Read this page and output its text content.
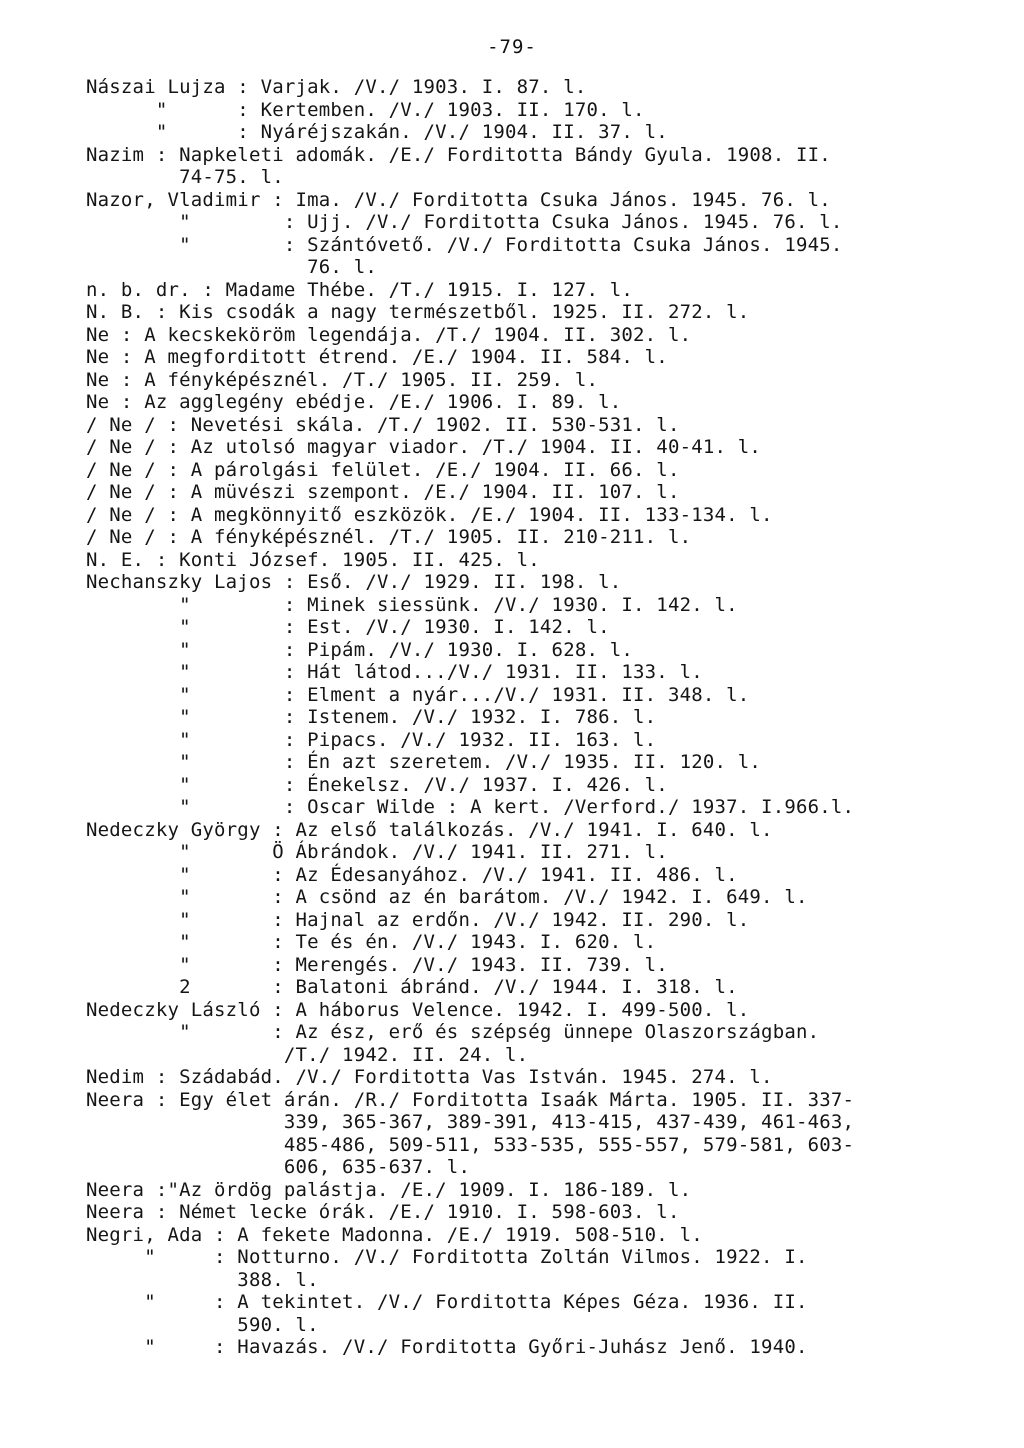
-79-
Nászai Lujza : Varjak. /V./ 1903. I. 87. l.
"      : Kertemben. /V./ 1903. II. 170. l.
"      : Nyáréjszakán. /V./ 1904. II. 37. l.
Nazim : Napkeleti adomák. /E./ Forditotta Bándy Gyula. 1908. II.
74-75. l.
Nazor, Vladimir : Ima. /V./ Forditotta Csuka János. 1945. 76. l.
"        : Ujj. /V./ Forditotta Csuka János. 1945. 76. l.
"        : Szántóvető. /V./ Forditotta Csuka János. 1945.
76. l.
n. b. dr. : Madame Thébe. /T./ 1915. I. 127. l.
N. B. : Kis csodák a nagy természetből. 1925. II. 272. l.
Ne : A kecskeköröm legendája. /T./ 1904. II. 302. l.
Ne : A megforditott étrend. /E./ 1904. II. 584. l.
Ne : A fényképésznél. /T./ 1905. II. 259. l.
Ne : Az agglegény ebédje. /E./ 1906. I. 89. l.
/ Ne / : Nevetési skála. /T./ 1902. II. 530-531. l.
/ Ne / : Az utolsó magyar viador. /T./ 1904. II. 40-41. l.
/ Ne / : A párolgási felület. /E./ 1904. II. 66. l.
/ Ne / : A müvészi szempont. /E./ 1904. II. 107. l.
/ Ne / : A megkönnyitő eszközök. /E./ 1904. II. 133-134. l.
/ Ne / : A fényképésznél. /T./ 1905. II. 210-211. l.
N. E. : Konti József. 1905. II. 425. l.
Nechanszky Lajos : Eső. /V./ 1929. II. 198. l.
"        : Minek siessünk. /V./ 1930. I. 142. l.
"        : Est. /V./ 1930. I. 142. l.
"        : Pipám. /V./ 1930. I. 628. l.
"        : Hát látod.../V./ 1931. II. 133. l.
"        : Elment a nyár.../V./ 1931. II. 348. l.
"        : Istenem. /V./ 1932. I. 786. l.
"        : Pipacs. /V./ 1932. II. 163. l.
"        : Én azt szeretem. /V./ 1935. II. 120. l.
"        : Énekelsz. /V./ 1937. I. 426. l.
"        : Oscar Wilde : A kert. /Verford./ 1937. I.966.l.
Nedeczky György : Az első találkozás. /V./ 1941. I. 640. l.
"       Ö Ábrándok. /V./ 1941. II. 271. l.
"       : Az Édesanyához. /V./ 1941. II. 486. l.
"       : A csönd az én barátom. /V./ 1942. I. 649. l.
"       : Hajnal az erdőn. /V./ 1942. II. 290. l.
"       : Te és én. /V./ 1943. I. 620. l.
"       : Merengés. /V./ 1943. II. 739. l.
2       : Balatoni ábránd. /V./ 1944. I. 318. l.
Nedeczky László : A háborus Velence. 1942. I. 499-500. l.
"       : Az ész, erő és szépség ünnepe Olaszországban.
/T./ 1942. II. 24. l.
Nedim : Szádabád. /V./ Forditotta Vas István. 1945. 274. l.
Neera : Egy élet árán. /R./ Forditotta Isaák Márta. 1905. II. 337-
339, 365-367, 389-391, 413-415, 437-439, 461-463,
485-486, 509-511, 533-535, 555-557, 579-581, 603-
606, 635-637. l.
Neera :"Az ördög palástja. /E./ 1909. I. 186-189. l.
Neera : Német lecke órák. /E./ 1910. I. 598-603. l.
Negri, Ada : A fekete Madonna. /E./ 1919. 508-510. l.
"     : Notturno. /V./ Forditotta Zoltán Vilmos. 1922. I.
388. l.
"     : A tekintet. /V./ Forditotta Képes Géza. 1936. II.
590. l.
"     : Havazás. /V./ Forditotta Győri-Juhász Jenő. 1940.
